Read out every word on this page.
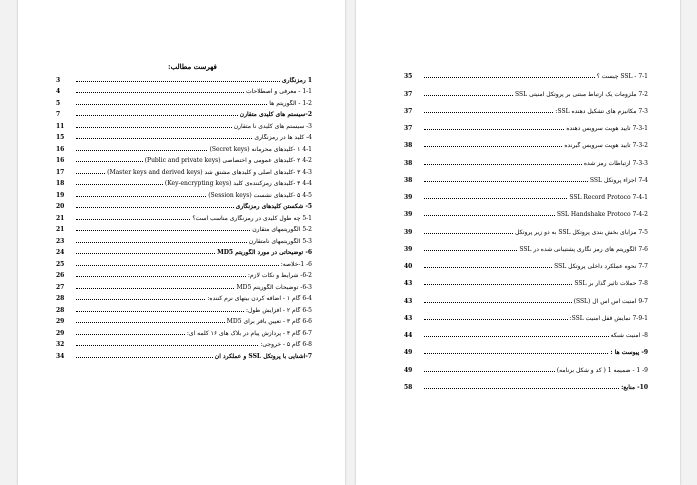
فهرست مطالب:
3	1 رمزنگاری
4	1-1 - معرفی و اصطلاحات
5	1-2 - الگوریتم ها
7	2-سیستم های کلیدی متقارن
11	3- سیستم های کلیدی نا متقارن
15	4- کلید ها در رمزنگاری
16	4-1 ۱ -کلیدهای محرمانه (Secret keys)
16	4-2 ۲ -کلیدهای عمومی و اختصاصی (Public and private keys)
17	4-3 ۳ -کلیدهای اصلی و کلیدهای مشتق شد (Master keys and derived keys)
18	4-4 ۴ -کلیدهای رمزکننده‌ی کلید (Key-encrypting keys)
19	4-5 ۵ -کلیدهای نشست (Session keys)
20	5- شکستن کلیدهای رمزنگاری
21	5-1 چه طول کلیدی در رمزنگاری مناسب است؟
21	5-2 الگوریتمهای متقارن
23	5-3 الگوریتمهای نامتقارن
24	6- توضیحاتی در مورد الگوریتم MD5
25	6- 1-خلاصه:
26	6-2- شرایط و نکات لازم:
27	6-3- توضیحات الگوریتم MD5
28	6-4 گام ۱ - اضافه کردن بیتهای نرم کننده:
28	6-5 گام ۲ - افزایش طول:
29	6-6 گام ۳ - تعیین بافر برای MD5
29	6-7 گام ۴ - پردازش پیام در بلاک های ۱۶ کلمه ای:
32	6-8 گام ۵ - خروجی:
34	7-آشنایی با پروتکل SSL و عملکرد آن
35	7-1 - SSL چیست ؟
37	7-2 ملزومات یک ارتباط مبتنی بر پروتکل امنیتی SSL
37	7-3 مکانیزم های تشکیل دهنده SSL:
37	7-3-1 تایید هویت سرویس دهنده
38	7-3-2 تایید هویت سرویس گیرنده
38	7-3-3 ارتباطات رمز شده
38	7-4 اجزاء پروتکل SSL
39	7-4-1 SSL Record Protoco
39	7-4-2 SSL Handshake Protoco
39	7-5 مزایای بخش بندی پروتکل SSL به دو زیر پروتکل
39	7-6 الگوریتم های رمز نگاری پشتیبانی شده در SSL
40	7-7 نحوه عملکرد داخلی پروتکل SSL
43	7-8 حملات تاثیر گذار بر SSL
43	9-7 امنیت اس اس ال (SSL)
43	7-9-1 نمایش قفل امنیت SSL:
44	8- امنیت شبکه
49	9- پیوست ها :
49	9- 1 - ضمیمه 1 ( کد و شکل برنامه)
58	10- منابع:
